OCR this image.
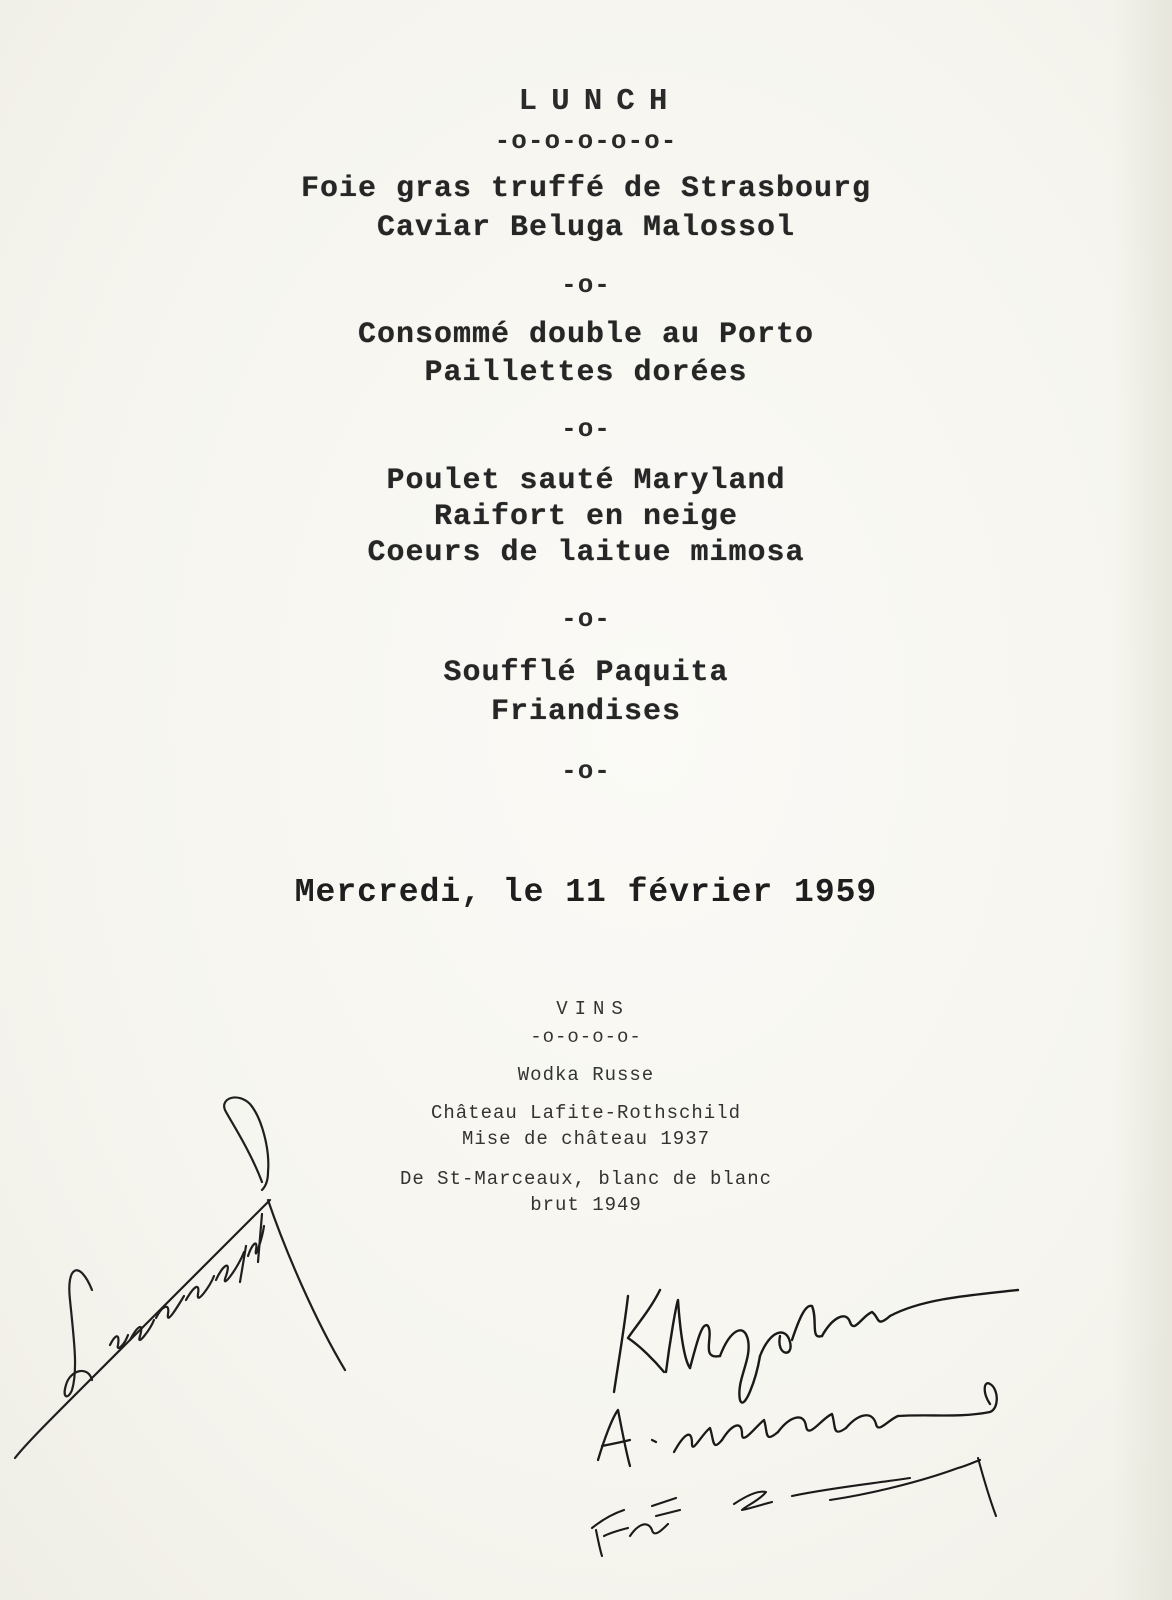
LUNCH
-o-o-o-o-o-
Foie gras truffé de Strasbourg
Caviar Beluga Malossol
-o-
Consommé double au Porto
Paillettes dorées
-o-
Poulet sauté Maryland
Raifort en neige
Coeurs de laitue mimosa
-o-
Soufflé Paquita
Friandises
-o-
Mercredi, le 11 février 1959
VINS
-o-o-o-o-
Wodka Russe
Château Lafite-Rothschild
Mise de château 1937
De St-Marceaux, blanc de blanc
brut 1949
